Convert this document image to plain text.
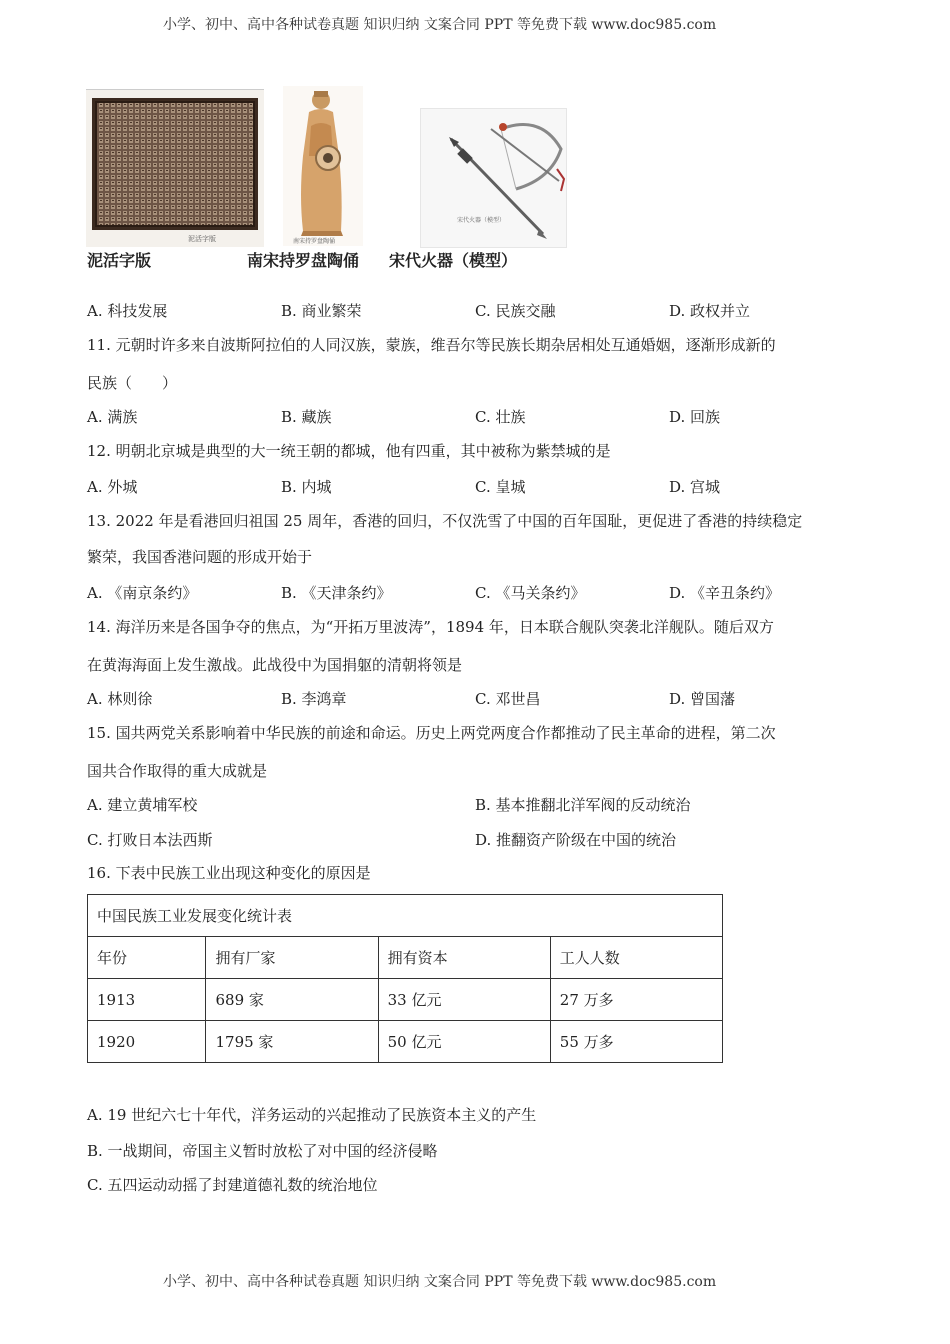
小学、初中、高中各种试卷真题 知识归纳 文案合同 PPT 等免费下载 www.doc985.com
泥活字版	南宋持罗盘陶俑
宋代火器（模型）
泥活字版	南宋持罗盘陶俑 宋代火器（模型）
A. 科技发展	B. 商业繁荣	C. 民族交融	D. 政权并立
11. 元朝时许多来自波斯阿拉伯的人同汉族，蒙族，维吾尔等民族长期杂居相处互通婚姻，逐渐形成新的
民族（　　）
A. 满族	B. 藏族	C. 壮族	D. 回族
12. 明朝北京城是典型的大一统王朝的都城，他有四重，其中被称为紫禁城的是
A. 外城	B. 内城	C. 皇城	D. 宫城
13. 2022 年是看港回归祖国 25 周年，香港的回归，不仅洗雪了中国的百年国耻，更促进了香港的持续稳定
繁荣，我国香港问题的形成开始于
A. 《南京条约》	B. 《天津条约》	C. 《马关条约》	D. 《辛丑条约》
14. 海洋历来是各国争夺的焦点，为“开拓万里波涛”，1894 年，日本联合舰队突袭北洋舰队。随后双方
在黄海海面上发生激战。此战役中为国捐躯的清朝将领是
A. 林则徐	B. 李鸿章	C. 邓世昌	D. 曾国藩
15. 国共两党关系影响着中华民族的前途和命运。历史上两党两度合作都推动了民主革命的进程，第二次
国共合作取得的重大成就是
A. 建立黄埔军校	B. 基本推翻北洋军阀的反动统治
C. 打败日本法西斯	D. 推翻资产阶级在中国的统治
16. 下表中民族工业出现这种变化的原因是
中国民族工业发展变化统计表			
年份	拥有厂家	拥有资本	工人人数
1913	689 家	33 亿元	27 万多
1920	1795 家	50 亿元	55 万多
A. 19 世纪六七十年代，洋务运动的兴起推动了民族资本主义的产生
B. 一战期间，帝国主义暂时放松了对中国的经济侵略
C. 五四运动动摇了封建道德礼数的统治地位
小学、初中、高中各种试卷真题 知识归纳 文案合同 PPT 等免费下载 www.doc985.com
